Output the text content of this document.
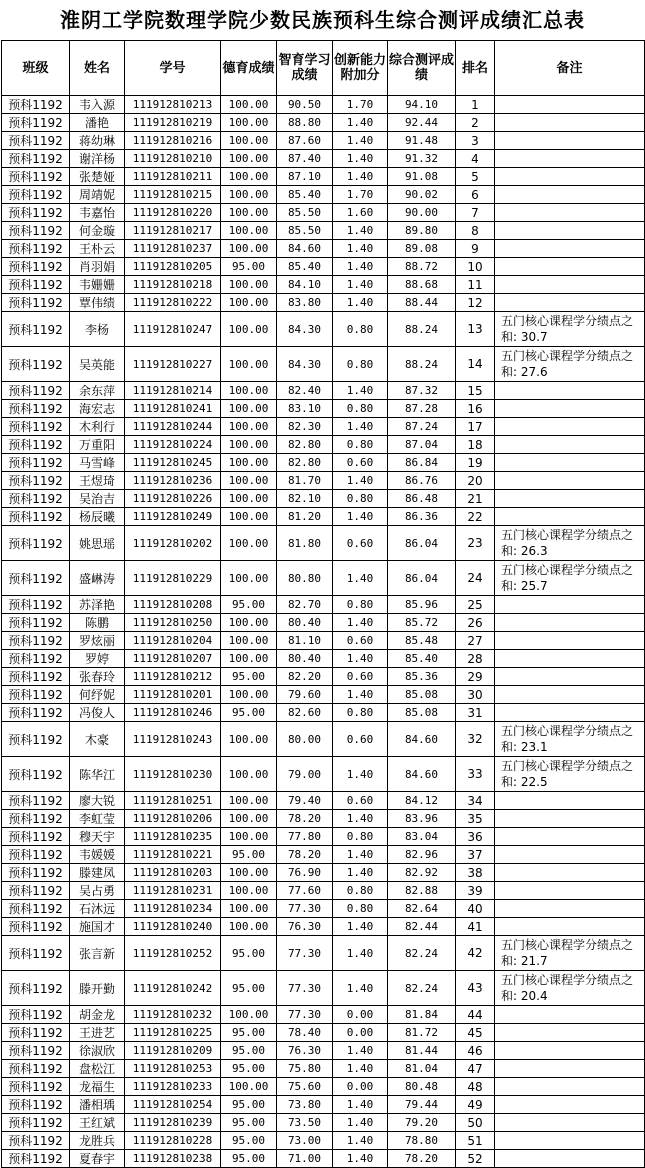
淮阴工学院数理学院少数民族预科生综合测评成绩汇总表
班级	姓名	学号	德育成绩	智育学习成绩	创新能力附加分	综合测评成绩	排名	备注
预科1192	韦入源	111912810213	100.00	90.50	1.70	94.10	1	
预科1192	潘艳	111912810219	100.00	88.80	1.40	92.44	2	
预科1192	蒋幼琳	111912810216	100.00	87.60	1.40	91.48	3	
预科1192	谢洋杨	111912810210	100.00	87.40	1.40	91.32	4	
预科1192	张楚娅	111912810211	100.00	87.10	1.40	91.08	5	
预科1192	周靖妮	111912810215	100.00	85.40	1.70	90.02	6	
预科1192	韦嘉怡	111912810220	100.00	85.50	1.60	90.00	7	
预科1192	何金璇	111912810217	100.00	85.50	1.40	89.80	8	
预科1192	王朴云	111912810237	100.00	84.60	1.40	89.08	9	
预科1192	肖羽娟	111912810205	95.00	85.40	1.40	88.72	10	
预科1192	韦姗姗	111912810218	100.00	84.10	1.40	88.68	11	
预科1192	覃伟绩	111912810222	100.00	83.80	1.40	88.44	12	
预科1192	李杨	111912810247	100.00	84.30	0.80	88.24	13	五门核心课程学分绩点之和: 30.7
预科1192	吴英能	111912810227	100.00	84.30	0.80	88.24	14	五门核心课程学分绩点之和: 27.6
预科1192	余东萍	111912810214	100.00	82.40	1.40	87.32	15	
预科1192	海宏志	111912810241	100.00	83.10	0.80	87.28	16	
预科1192	木利行	111912810244	100.00	82.30	1.40	87.24	17	
预科1192	万重阳	111912810224	100.00	82.80	0.80	87.04	18	
预科1192	马雪峰	111912810245	100.00	82.80	0.60	86.84	19	
预科1192	王煜琦	111912810236	100.00	81.70	1.40	86.76	20	
预科1192	吴治吉	111912810226	100.00	82.10	0.80	86.48	21	
预科1192	杨辰曦	111912810249	100.00	81.20	1.40	86.36	22	
预科1192	姚思瑶	111912810202	100.00	81.80	0.60	86.04	23	五门核心课程学分绩点之和: 26.3
预科1192	盛崊涛	111912810229	100.00	80.80	1.40	86.04	24	五门核心课程学分绩点之和: 25.7
预科1192	苏泽艳	111912810208	95.00	82.70	0.80	85.96	25	
预科1192	陈鹏	111912810250	100.00	80.40	1.40	85.72	26	
预科1192	罗炫丽	111912810204	100.00	81.10	0.60	85.48	27	
预科1192	罗婷	111912810207	100.00	80.40	1.40	85.40	28	
预科1192	张春玲	111912810212	95.00	82.20	0.60	85.36	29	
预科1192	何纾妮	111912810201	100.00	79.60	1.40	85.08	30	
预科1192	冯俊人	111912810246	95.00	82.60	0.80	85.08	31	
预科1192	木豪	111912810243	100.00	80.00	0.60	84.60	32	五门核心课程学分绩点之和: 23.1
预科1192	陈华江	111912810230	100.00	79.00	1.40	84.60	33	五门核心课程学分绩点之和: 22.5
预科1192	廖大锐	111912810251	100.00	79.40	0.60	84.12	34	
预科1192	李虹莹	111912810206	100.00	78.20	1.40	83.96	35	
预科1192	穆天宇	111912810235	100.00	77.80	0.80	83.04	36	
预科1192	韦媛媛	111912810221	95.00	78.20	1.40	82.96	37	
预科1192	滕建凤	111912810203	100.00	76.90	1.40	82.92	38	
预科1192	吴占勇	111912810231	100.00	77.60	0.80	82.88	39	
预科1192	石沐远	111912810234	100.00	77.30	0.80	82.64	40	
预科1192	施国才	111912810240	100.00	76.30	1.40	82.44	41	
预科1192	张言新	111912810252	95.00	77.30	1.40	82.24	42	五门核心课程学分绩点之和: 21.7
预科1192	滕开勤	111912810242	95.00	77.30	1.40	82.24	43	五门核心课程学分绩点之和: 20.4
预科1192	胡金龙	111912810232	100.00	77.30	0.00	81.84	44	
预科1192	王进艺	111912810225	95.00	78.40	0.00	81.72	45	
预科1192	徐淑欣	111912810209	95.00	76.30	1.40	81.44	46	
预科1192	盘松江	111912810253	95.00	75.80	1.40	81.04	47	
预科1192	龙福生	111912810233	100.00	75.60	0.00	80.48	48	
预科1192	潘相瑀	111912810254	95.00	73.80	1.40	79.44	49	
预科1192	王红斌	111912810239	95.00	73.50	1.40	79.20	50	
预科1192	龙胜兵	111912810228	95.00	73.00	1.40	78.80	51	
预科1192	夏春宇	111912810238	95.00	71.00	1.40	78.20	52	
